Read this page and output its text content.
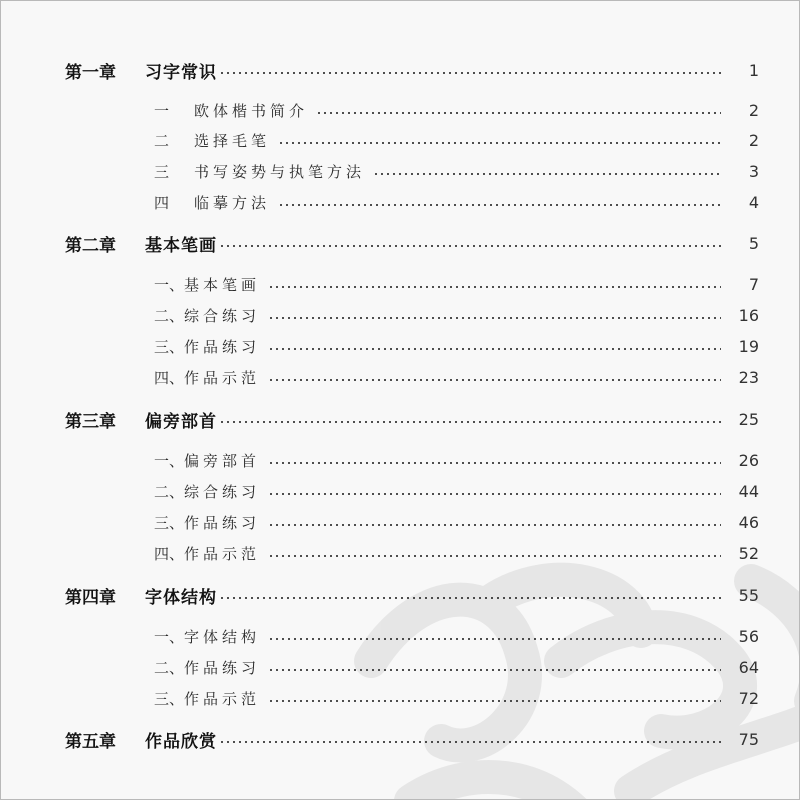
第一章	习字常识	1
一	欧体楷书简介	2
二	选择毛笔	2
三	书写姿势与执笔方法	3
四	临摹方法	4
第二章	基本笔画	5
一、 基本笔画	7
二、 综合练习	16
三、 作品练习	19
四、 作品示范	23
第三章	偏旁部首	25
一、 偏旁部首	26
二、 综合练习	44
三、 作品练习	46
四、 作品示范	52
第四章	字体结构	55
一、 字体结构	56
二、 作品练习	64
三、 作品示范	72
第五章	作品欣赏	75
